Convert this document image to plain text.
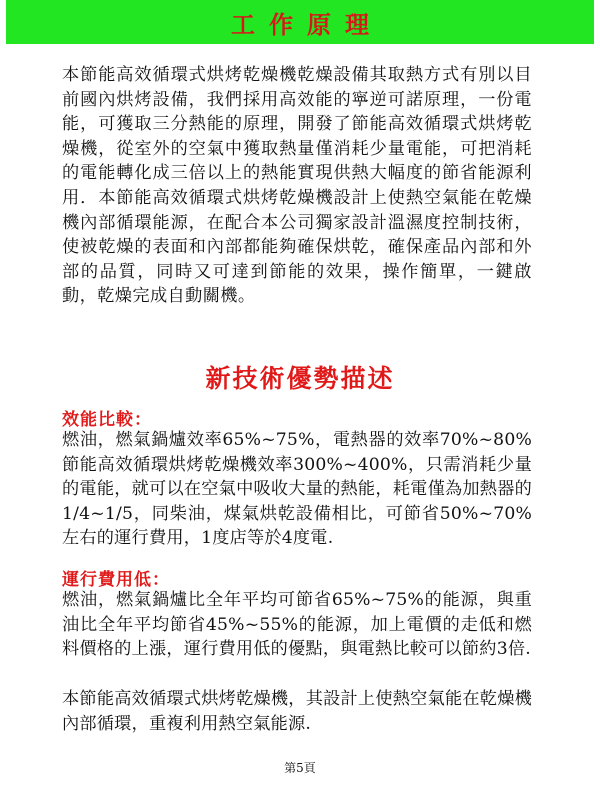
工作原理

本節能高效循環式烘烤乾燥機乾燥設備其取熱方式有別以目前國內烘烤設備，我們採用高效能的寧逆可諾原理，一份電能，可獲取三分熱能的原理，開發了節能高效循環式烘烤乾燥機，從室外的空氣中獲取熱量僅消耗少量電能，可把消耗的電能轉化成三倍以上的熱能實現供熱大幅度的節省能源利用．本節能高效循環式烘烤乾燥機設計上使熱空氣能在乾燥機內部循環能源，在配合本公司獨家設計溫濕度控制技術，使被乾燥的表面和內部都能夠確保烘乾，確保產品內部和外部的品質，同時又可達到節能的效果，操作簡單，一鍵啟動，乾燥完成自動關機。

新技術優勢描述
效能比較：

燃油，燃氣鍋爐效率65%~75%，電熱器的效率70%~80%節能高效循環烘烤乾燥機效率300%~400%，只需消耗少量的電能，就可以在空氣中吸收大量的熱能，耗電僅為加熱器的1/4~1/5，同柴油，煤氣烘乾設備相比，可節省50%~70%左右的運行費用，1度店等於4度電.

運行費用低：

燃油，燃氣鍋爐比全年平均可節省65%~75%的能源，與重油比全年平均節省45%~55%的能源，加上電價的走低和燃料價格的上漲，運行費用低的優點，與電熱比較可以節約3倍.

本節能高效循環式烘烤乾燥機，其設計上使熱空氣能在乾燥機內部循環，重複利用熱空氣能源.

第5頁
